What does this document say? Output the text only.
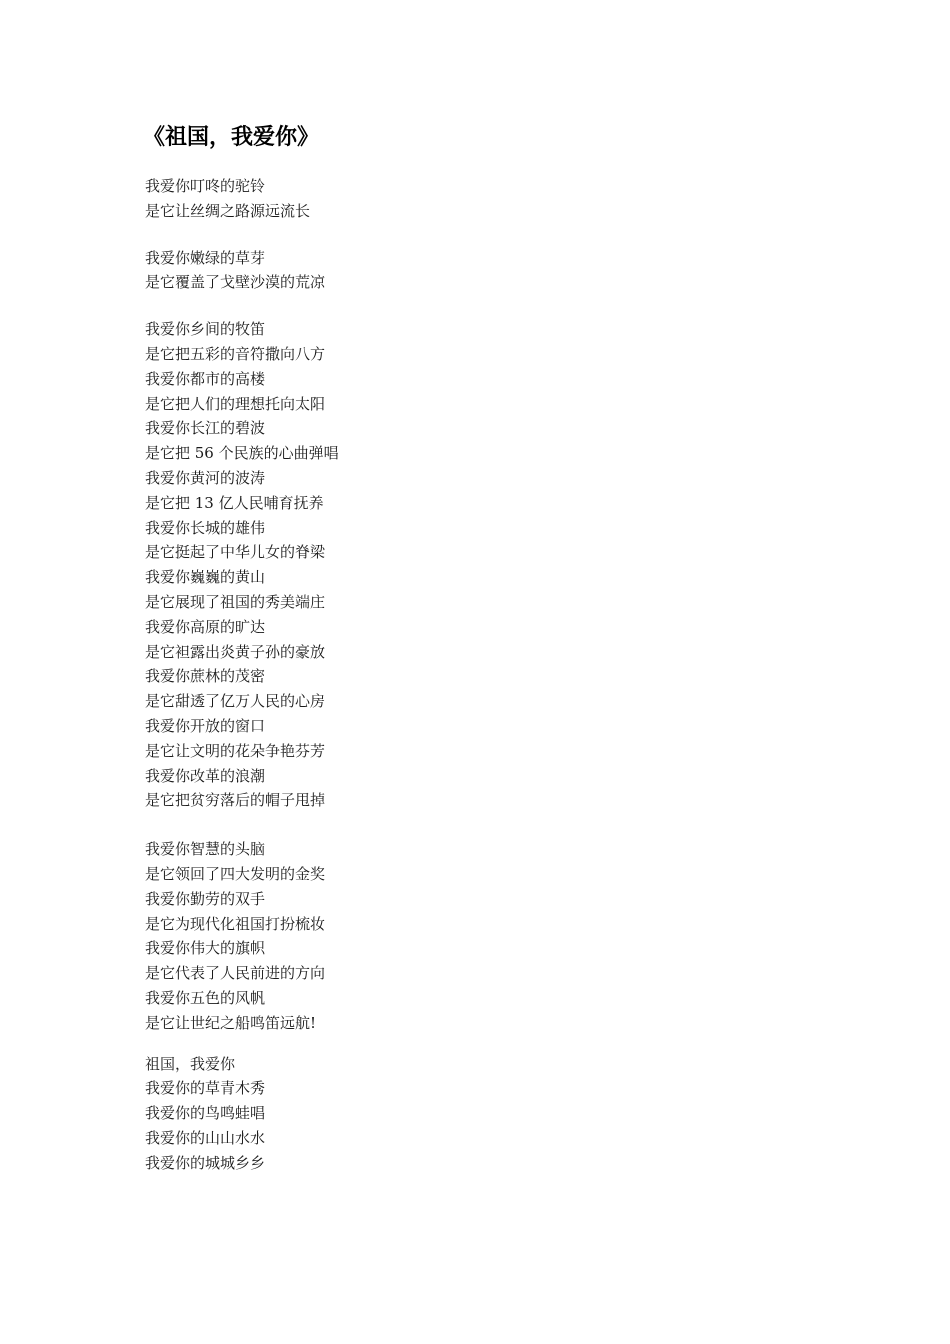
《祖国，我爱你》
我爱你叮咚的驼铃
是它让丝绸之路源远流长
我爱你嫩绿的草芽
是它覆盖了戈壁沙漠的荒凉
我爱你乡间的牧笛
是它把五彩的音符撒向八方
我爱你都市的高楼
是它把人们的理想托向太阳
我爱你长江的碧波
是它把 56 个民族的心曲弹唱
我爱你黄河的波涛
是它把 13 亿人民哺育抚养
我爱你长城的雄伟
是它挺起了中华儿女的脊梁
我爱你巍巍的黄山
是它展现了祖国的秀美端庄
我爱你高原的旷达
是它袒露出炎黄子孙的豪放
我爱你蔗林的茂密
是它甜透了亿万人民的心房
我爱你开放的窗口
是它让文明的花朵争艳芬芳
我爱你改革的浪潮
是它把贫穷落后的帽子甩掉
我爱你智慧的头脑
是它领回了四大发明的金奖
我爱你勤劳的双手
是它为现代化祖国打扮梳妆
我爱你伟大的旗帜
是它代表了人民前进的方向
我爱你五色的风帆
是它让世纪之船鸣笛远航!
祖国，我爱你
我爱你的草青木秀
我爱你的鸟鸣蛙唱
我爱你的山山水水
我爱你的城城乡乡
